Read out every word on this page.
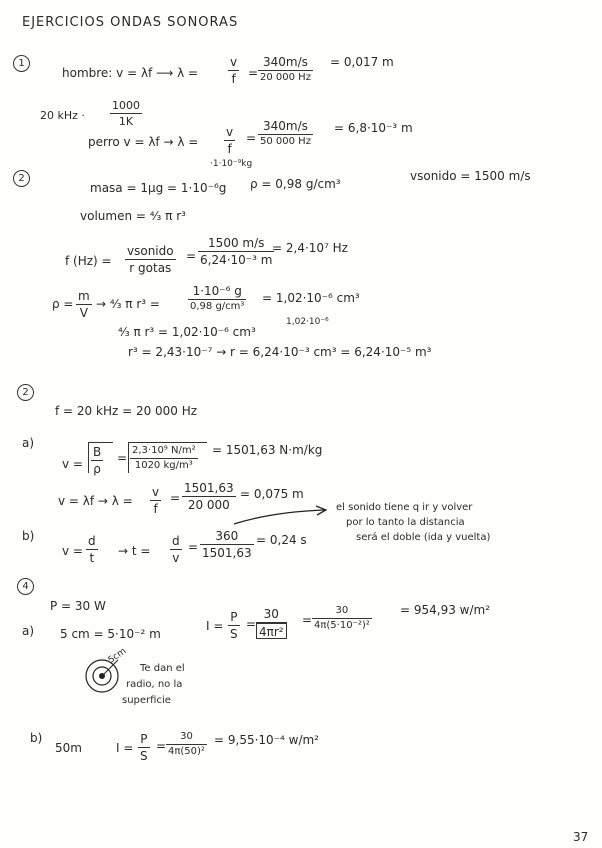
EJERCICIOS ONDAS SONORAS
1
hombre: v = λf ⟶ $\lambda = \frac{v}{f}$ =
340m/s
20 000 Hz
= 0,017 m
20 kHz · $\frac{1000}{1K}$
perro $v = \lambda f \to \lambda = \frac{v}{f}$ =
340m/s
50 000 Hz
= 6,8·10⁻³ m
2
·1·10⁻⁹kg
masa = 1μg = 1·10⁻⁶g ρ = 0,98 g/cm³
vsonido = 1500 m/s
volumen = ⁴⁄₃ π r³
f (Hz) =
vsonido
r gotas
= $\frac{1500 m/s}{\text{6,24·10⁻³ m}}$
= 2,4·10⁷ Hz
$\rho = \frac{m}{V}$ → ⁴⁄₃ π r³ =
1·10⁻⁶ g
0,98 g/cm³
= 1,02·10⁻⁶ cm³
⁴⁄₃ π r³ = 1,02·10⁻⁶ cm³
1,02·10⁻⁶
r³ = 2,43·10⁻⁷ → r = 6,24·10⁻³ cm³ = 6,24·10⁻⁵ m³
2
f = 20 kHz = 20 000 Hz
a)
$v = \frac{B}{\rho} = \frac{\text{2,3·10⁹ N/m²}}{\text{1020 kg/m³}} = 1501,63$ N·m/kg
$v = \lambda f \to \lambda = \frac{v}{f} = \frac{1501,63}{20 000} = 0,075$ m
b)
$v = \frac{d}{t} \to t = \frac{d}{v} = \frac{360}{1501,63} = 0,24$ s
el sonido tiene q ir y volver
por lo tanto la distancia
será el doble (ida y vuelta)
4
P = 30 W
a) 5 cm = 5·10⁻² m
$I = \frac{P}{S} = \frac{30}{\text{4πr²}} = \frac{30}{\text{4π(5·10⁻²)²}} = 954,93$ w/m²
5cm
Te dan el
radio, no la
superficie
b)
50m	$I = \frac{P}{S} = \frac{30}{\text{4π(50)²}} = 9,55\cdot 10^{-4}$ w/m²
37
